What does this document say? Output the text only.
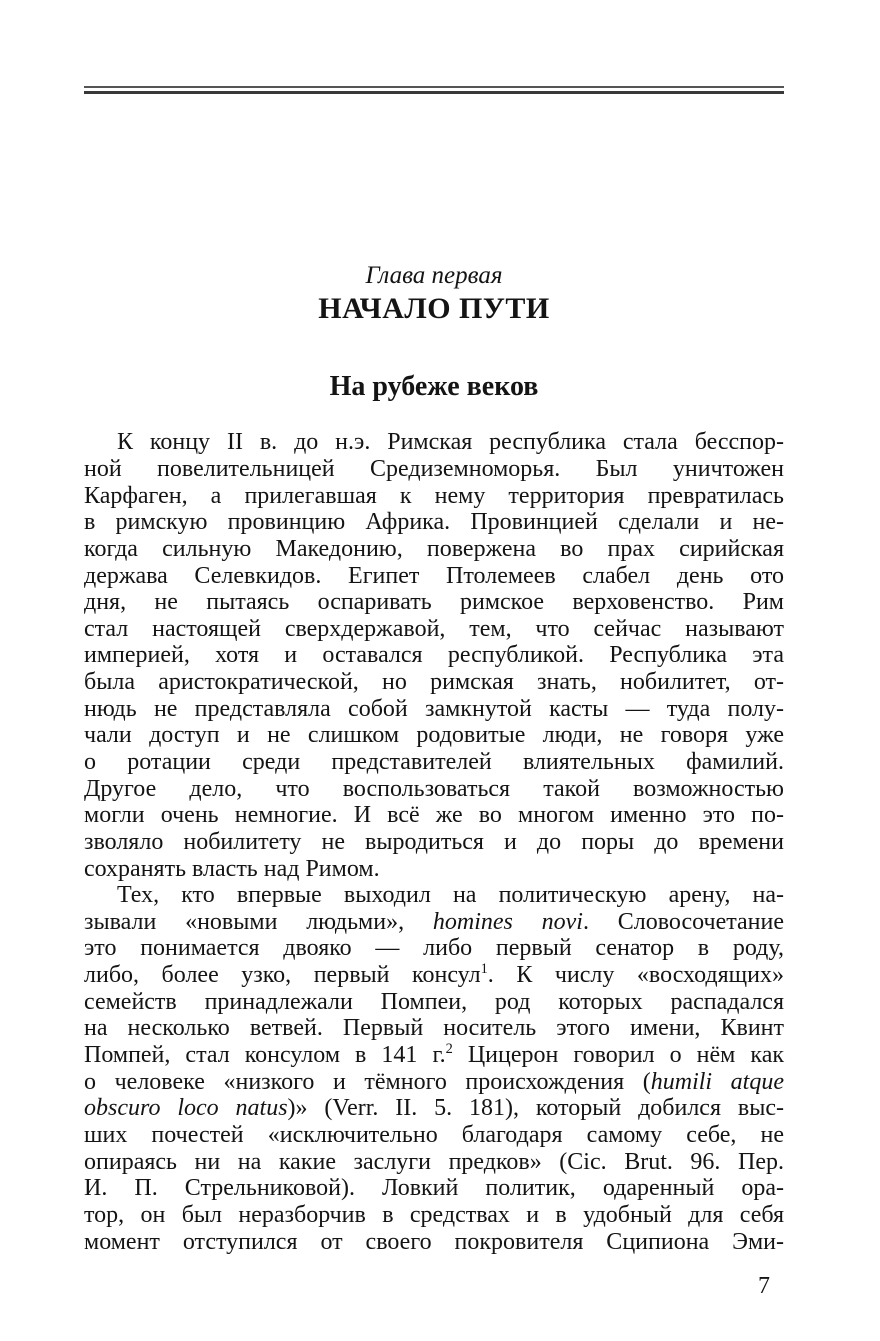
Глава первая
НАЧАЛО ПУТИ
На рубеже веков
К концу II в. до н.э. Римская республика стала бесспор-
ной повелительницей Средиземноморья. Был уничтожен
Карфаген, а прилегавшая к нему территория превратилась
в римскую провинцию Африка. Провинцией сделали и не-
когда сильную Македонию, повержена во прах сирийская
держава Селевкидов. Египет Птолемеев слабел день ото
дня, не пытаясь оспаривать римское верховенство. Рим
стал настоящей сверхдержавой, тем, что сейчас называют
империей, хотя и оставался республикой. Республика эта
была аристократической, но римская знать, нобилитет, от-
нюдь не представляла собой замкнутой касты — туда полу-
чали доступ и не слишком родовитые люди, не говоря уже
о ротации среди представителей влиятельных фамилий.
Другое дело, что воспользоваться такой возможностью
могли очень немногие. И всё же во многом именно это по-
зволяло нобилитету не выродиться и до поры до времени
сохранять власть над Римом.
Тех, кто впервые выходил на политическую арену, на-
зывали «новыми людьми», homines novi. Словосочетание
это понимается двояко — либо первый сенатор в роду,
либо, более узко, первый консул$^1$. К числу «восходящих»
семейств принадлежали Помпеи, род которых распадался
на несколько ветвей. Первый носитель этого имени, Квинт
Помпей, стал консулом в 141 г.$^2$ Цицерон говорил о нём как
о человеке «низкого и тёмного происхождения (humili atque
obscuro loco natus)» (Verr. II. 5. 181), который добился выс-
ших почестей «исключительно благодаря самому себе, не
опираясь ни на какие заслуги предков» (Cic. Brut. 96. Пер.
И. П. Стрельниковой). Ловкий политик, одаренный ора-
тор, он был неразборчив в средствах и в удобный для себя
момент отступился от своего покровителя Сципиона Эми-
7
